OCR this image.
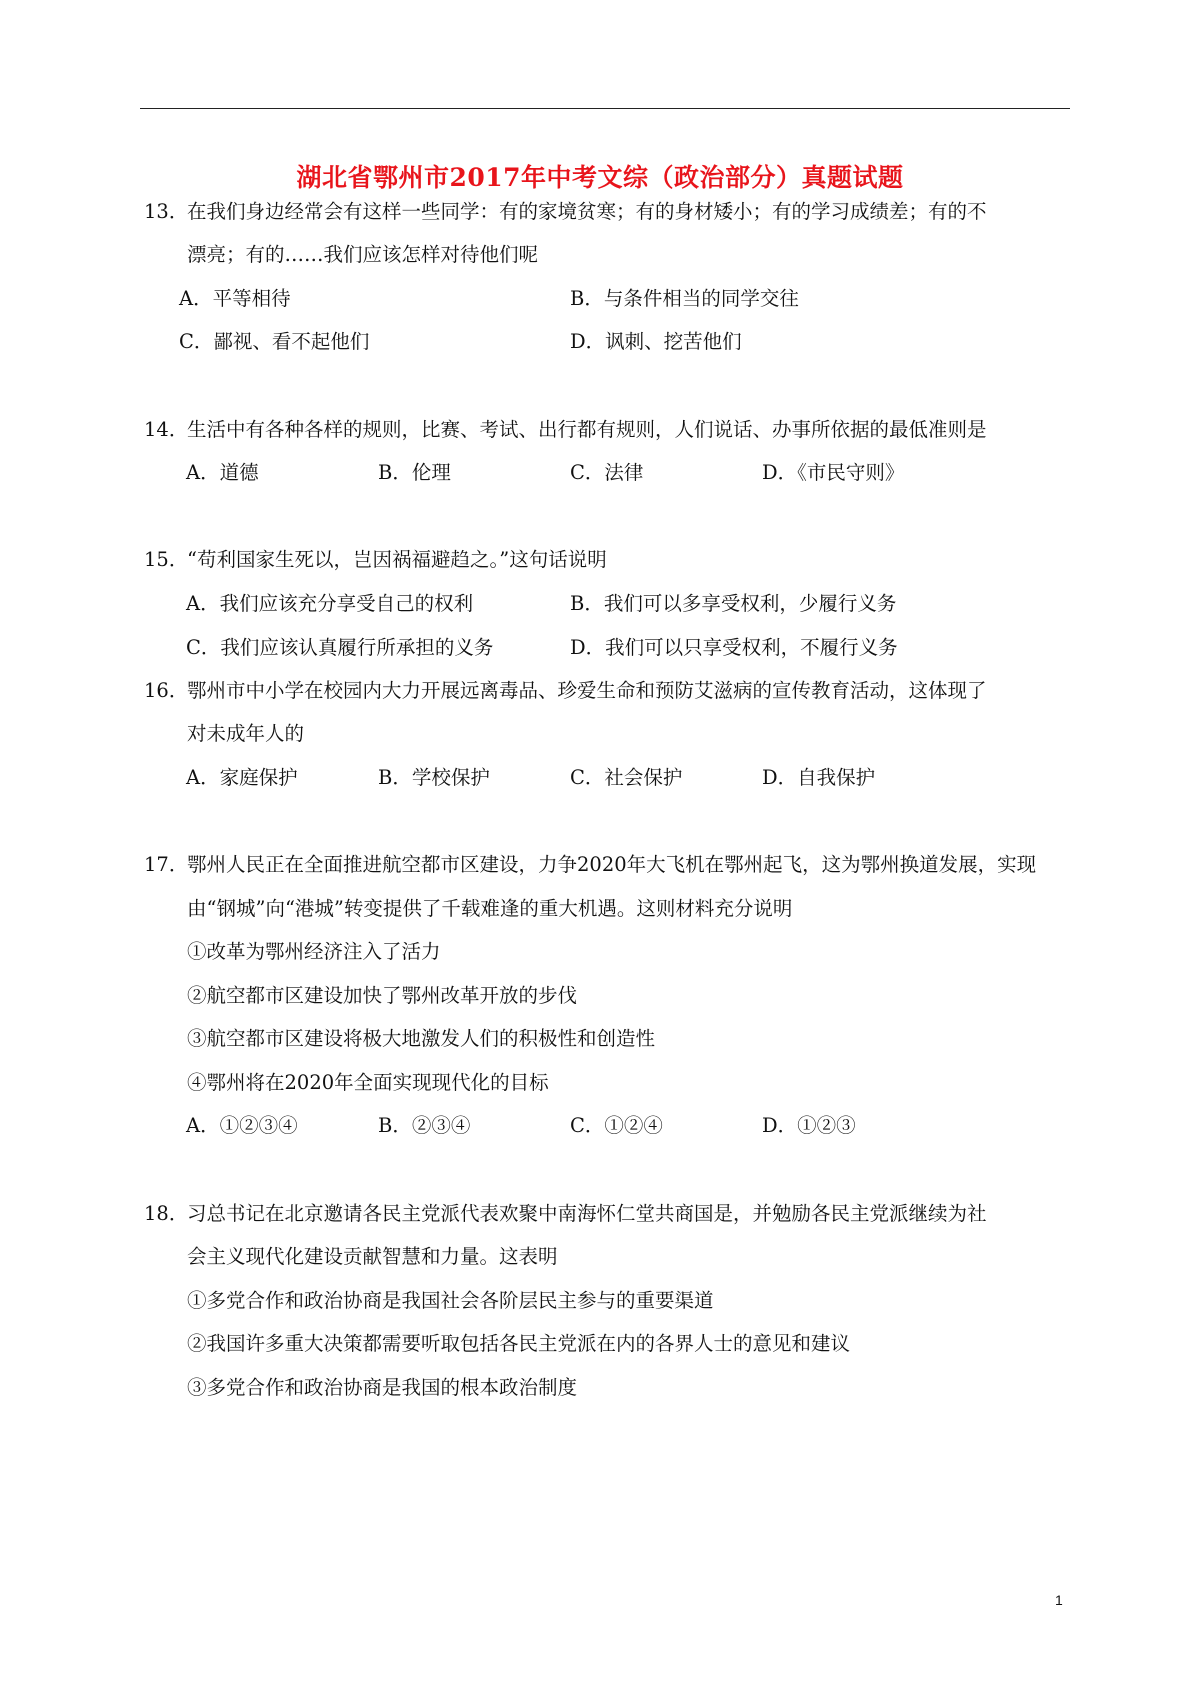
湖北省鄂州市2017年中考文综（政治部分）真题试题
13．
在我们身边经常会有这样一些同学：有的家境贫寒；有的身材矮小；有的学习成绩差；有的不
漂亮；有的……我们应该怎样对待他们呢
A．平等相待	B．与条件相当的同学交往
C．鄙视、看不起他们	D．讽刺、挖苦他们
14．
生活中有各种各样的规则，比赛、考试、出行都有规则，人们说话、办事所依据的最低准则是
A．道德	B．伦理	C．法律	D．《市民守则》
15．
“苟利国家生死以，岂因祸福避趋之。”这句话说明
A．我们应该充分享受自己的权利	B．我们可以多享受权利，少履行义务
C．我们应该认真履行所承担的义务	D．我们可以只享受权利，不履行义务
16．
鄂州市中小学在校园内大力开展远离毒品、珍爱生命和预防艾滋病的宣传教育活动，这体现了
对未成年人的
A．家庭保护	B．学校保护	C．社会保护	D．自我保护
17．
鄂州人民正在全面推进航空都市区建设，力争2020年大飞机在鄂州起飞，这为鄂州换道发展，实现
由“钢城”向“港城”转变提供了千载难逢的重大机遇。这则材料充分说明
①改革为鄂州经济注入了活力
②航空都市区建设加快了鄂州改革开放的步伐
③航空都市区建设将极大地激发人们的积极性和创造性
④鄂州将在2020年全面实现现代化的目标
A．①②③④	B．②③④	C．①②④	D．①②③
18．
习总书记在北京邀请各民主党派代表欢聚中南海怀仁堂共商国是，并勉励各民主党派继续为社
会主义现代化建设贡献智慧和力量。这表明
①多党合作和政治协商是我国社会各阶层民主参与的重要渠道
②我国许多重大决策都需要听取包括各民主党派在内的各界人士的意见和建议
③多党合作和政治协商是我国的根本政治制度
1
